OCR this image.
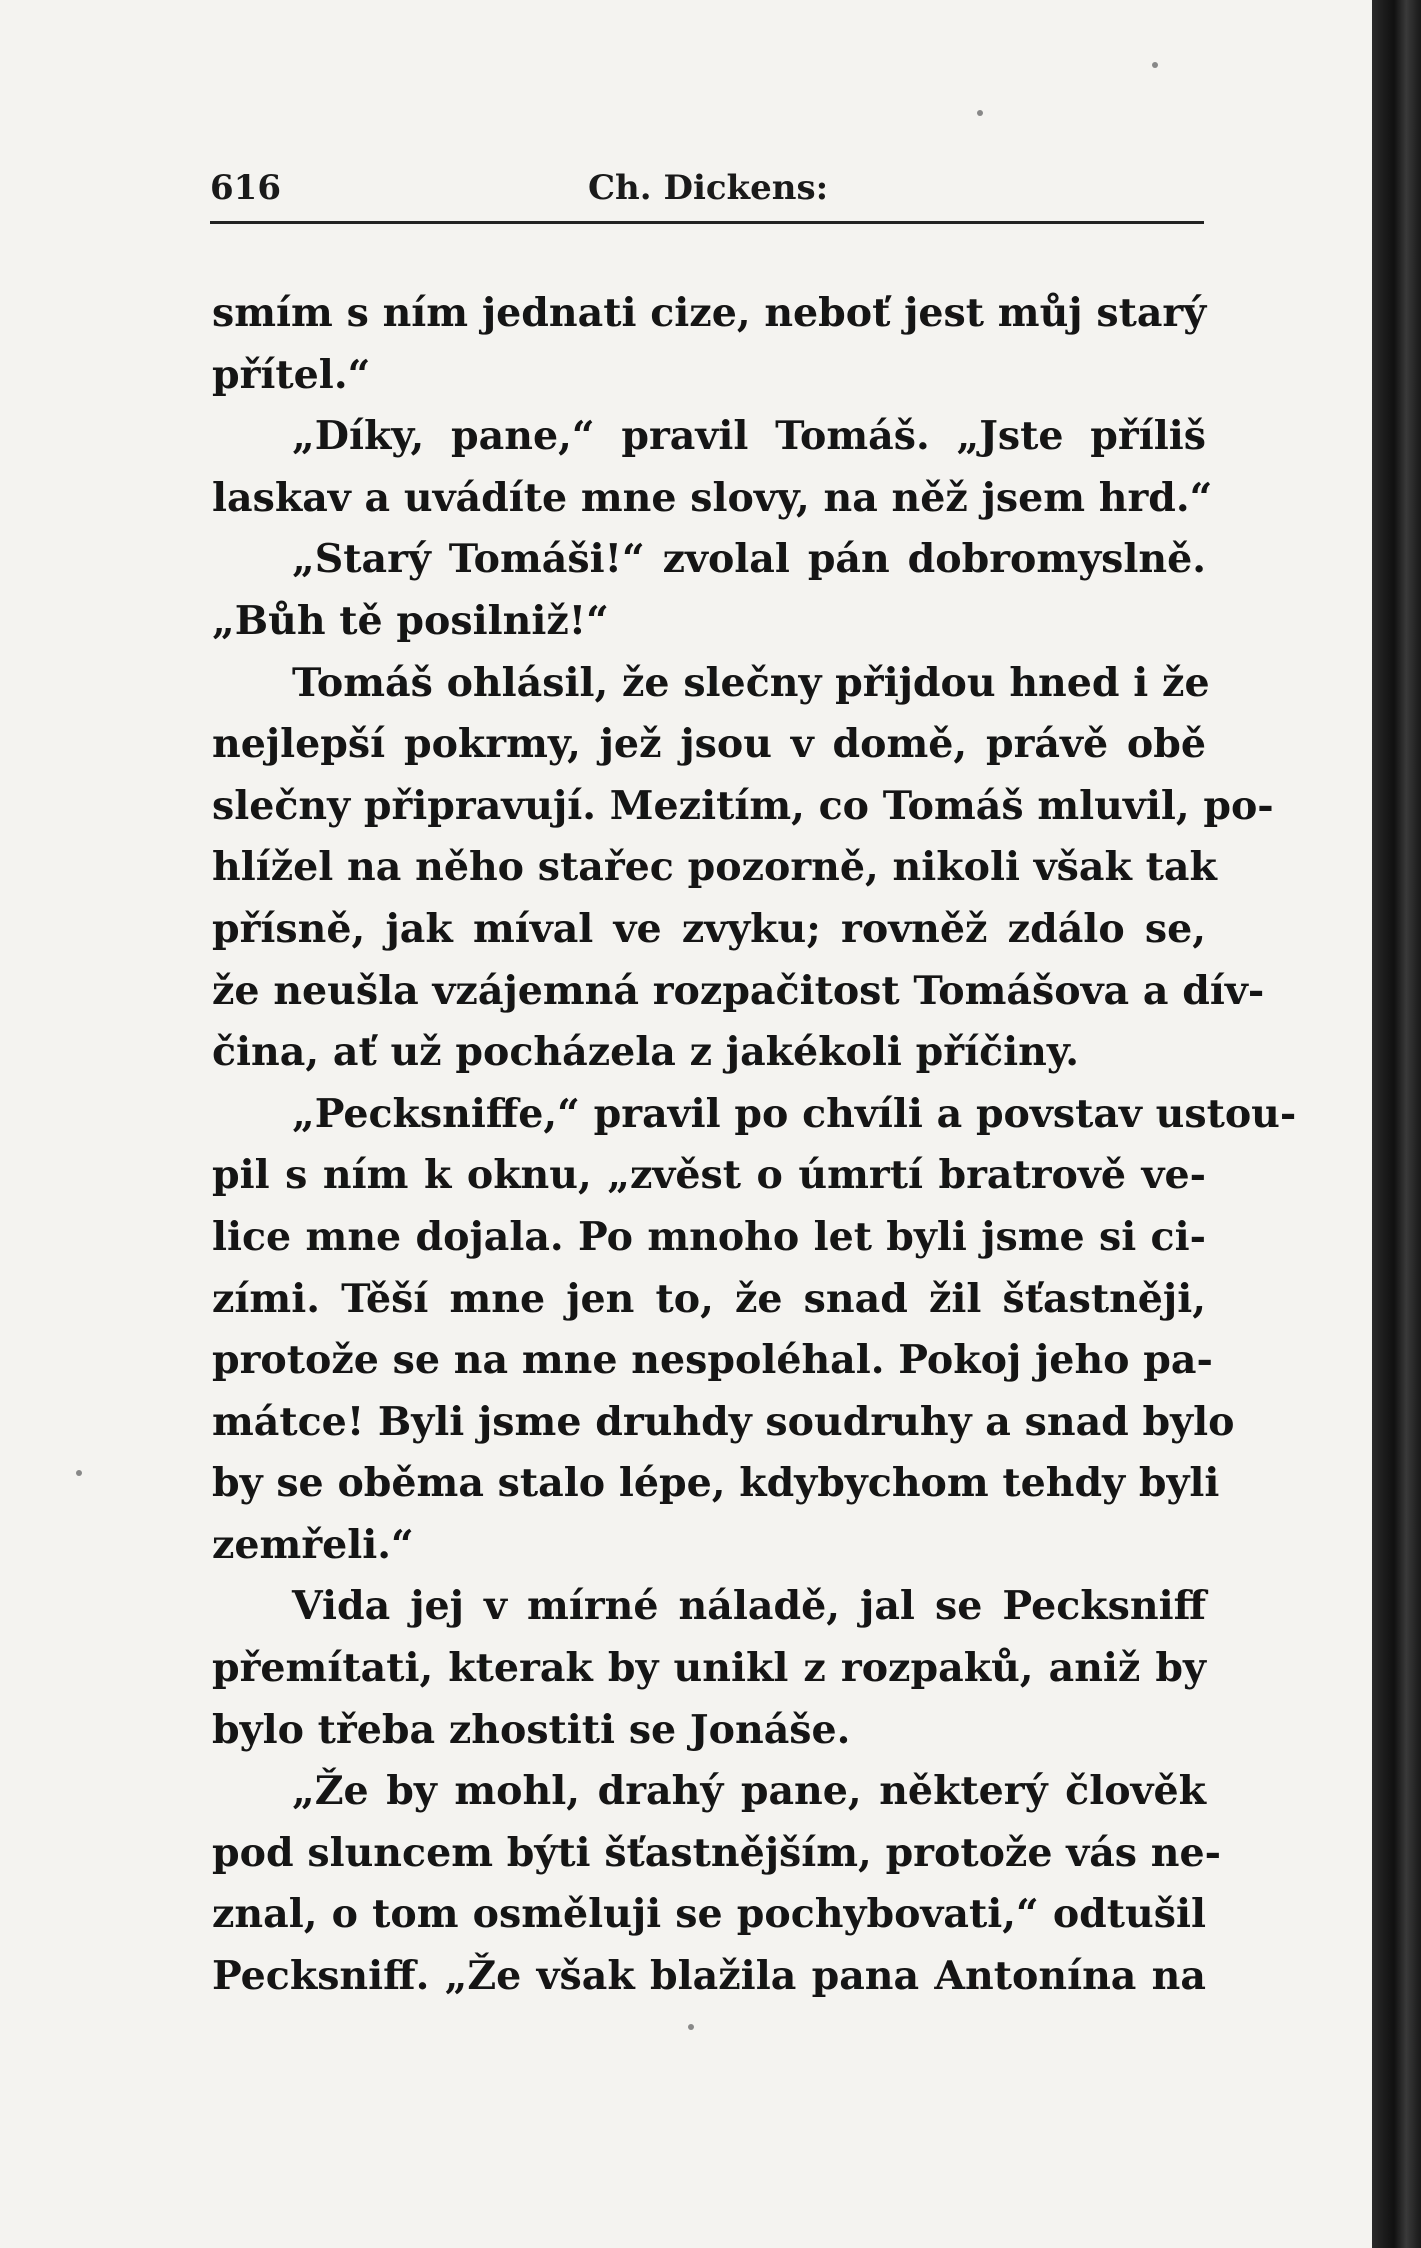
616	Ch. Dickens:
smím s ním jednati cize, neboť jest můj starý
přítel.“
„Díky, pane,“ pravil Tomáš. „Jste příliš
laskav a uvádíte mne slovy, na něž jsem hrd.“
„Starý Tomáši!“ zvolal pán dobromyslně.
„Bůh tě posilniž!“
Tomáš ohlásil, že slečny přijdou hned i že
nejlepší pokrmy, jež jsou v domě, právě obě
slečny připravují. Mezitím, co Tomáš mluvil, po-
hlížel na něho stařec pozorně, nikoli však tak
přísně, jak míval ve zvyku; rovněž zdálo se,
že neušla vzájemná rozpačitost Tomášova a dív-
čina, ať už pocházela z jakékoli příčiny.
„Pecksniffe,“ pravil po chvíli a povstav ustou-
pil s ním k oknu, „zvěst o úmrtí bratrově ve-
lice mne dojala. Po mnoho let byli jsme si ci-
zími. Těší mne jen to, že snad žil šťastněji,
protože se na mne nespoléhal. Pokoj jeho pa-
mátce! Byli jsme druhdy soudruhy a snad bylo
by se oběma stalo lépe, kdybychom tehdy byli
zemřeli.“
Vida jej v mírné náladě, jal se Pecksniff
přemítati, kterak by unikl z rozpaků, aniž by
bylo třeba zhostiti se Jonáše.
„Že by mohl, drahý pane, některý člověk
pod sluncem býti šťastnějším, protože vás ne-
znal, o tom osměluji se pochybovati,“ odtušil
Pecksniff. „Že však blažila pana Antonína na
